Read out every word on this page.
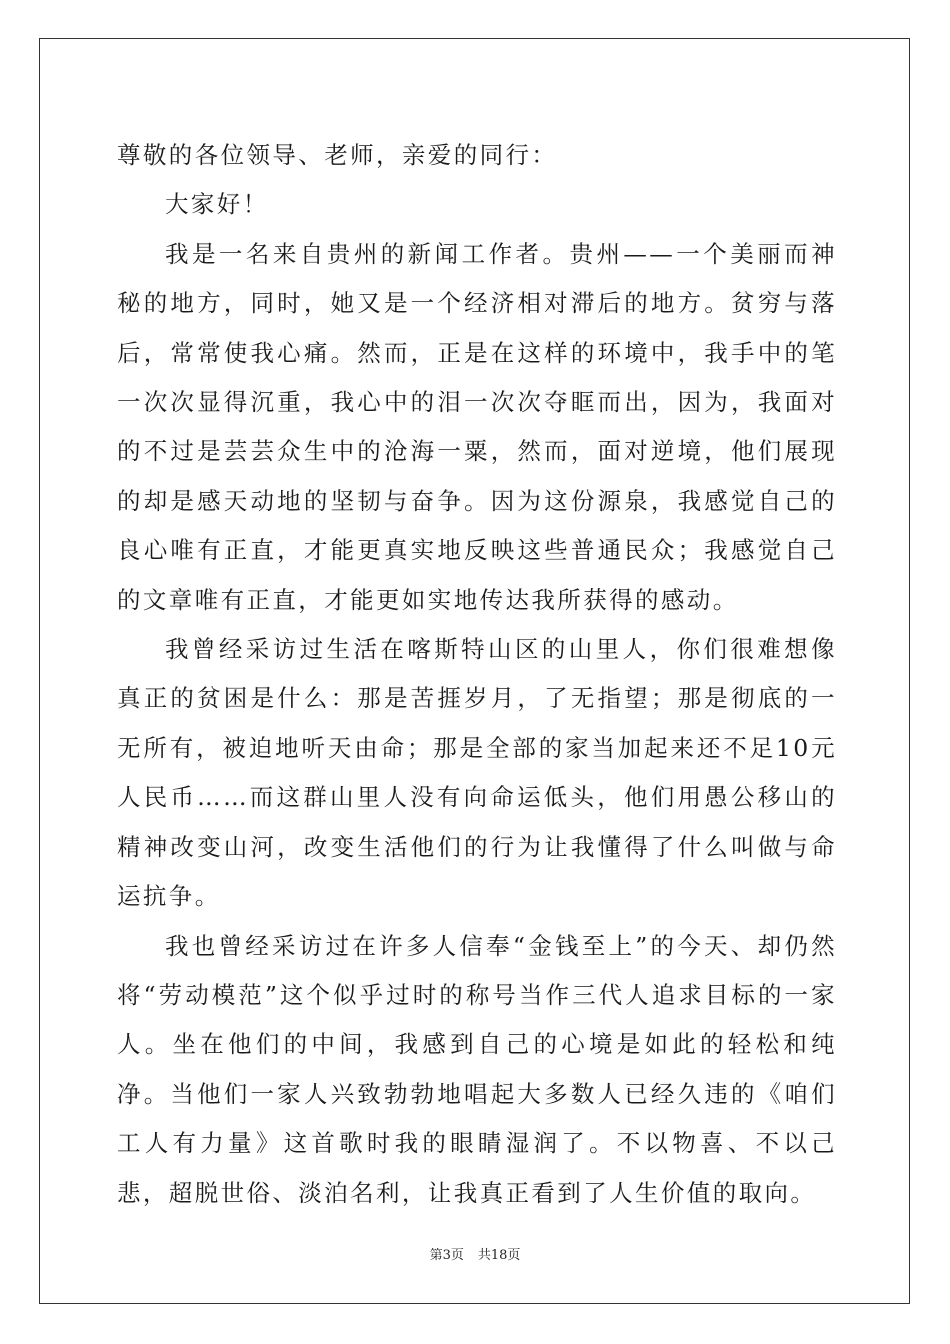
尊敬的各位领导、老师，亲爱的同行：

大家好！

我是一名来自贵州的新闻工作者。贵州——一个美丽而神秘的地方，同时，她又是一个经济相对滞后的地方。贫穷与落后，常常使我心痛。然而，正是在这样的环境中，我手中的笔一次次显得沉重，我心中的泪一次次夺眶而出，因为，我面对的不过是芸芸众生中的沧海一粟，然而，面对逆境，他们展现的却是感天动地的坚韧与奋争。因为这份源泉，我感觉自己的良心唯有正直，才能更真实地反映这些普通民众；我感觉自己的文章唯有正直，才能更如实地传达我所获得的感动。

我曾经采访过生活在喀斯特山区的山里人，你们很难想像真正的贫困是什么：那是苦捱岁月，了无指望；那是彻底的一无所有，被迫地听天由命；那是全部的家当加起来还不足10元人民币……而这群山里人没有向命运低头，他们用愚公移山的精神改变山河，改变生活他们的行为让我懂得了什么叫做与命运抗争。

我也曾经采访过在许多人信奉“金钱至上”的今天、却仍然将“劳动模范”这个似乎过时的称号当作三代人追求目标的一家人。坐在他们的中间，我感到自己的心境是如此的轻松和纯净。当他们一家人兴致勃勃地唱起大多数人已经久违的《咱们工人有力量》这首歌时我的眼睛湿润了。不以物喜、不以己悲，超脱世俗、淡泊名利，让我真正看到了人生价值的取向。

第3页 共18页
